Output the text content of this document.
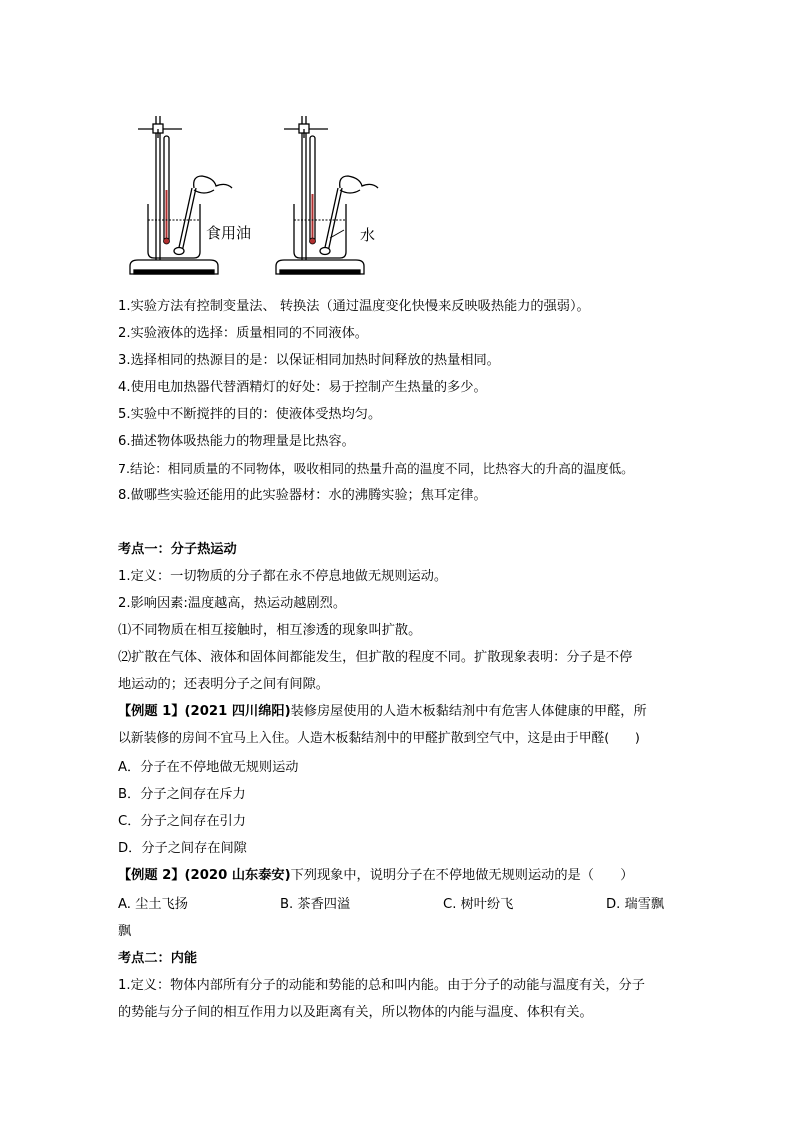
食用油	水
1.实验方法有控制变量法、 转换法（通过温度变化快慢来反映吸热能力的强弱）。
2.实验液体的选择：质量相同的不同液体。
3.选择相同的热源目的是：以保证相同加热时间释放的热量相同。
4.使用电加热器代替酒精灯的好处：易于控制产生热量的多少。
5.实验中不断搅拌的目的：使液体受热均匀。
6.描述物体吸热能力的物理量是比热容。
7.结论：相同质量的不同物体，吸收相同的热量升高的温度不同，比热容大的升高的温度低。
8.做哪些实验还能用的此实验器材：水的沸腾实验；焦耳定律。
考点一：分子热运动
1.定义：一切物质的分子都在永不停息地做无规则运动。
2.影响因素:温度越高，热运动越剧烈。
⑴不同物质在相互接触时，相互渗透的现象叫扩散。
⑵扩散在气体、液体和固体间都能发生，但扩散的程度不同。扩散现象表明：分子是不停
地运动的；还表明分子之间有间隙。
【例题 1】(2021 四川绵阳)装修房屋使用的人造木板黏结剂中有危害人体健康的甲醛，所
以新装修的房间不宜马上入住。人造木板黏结剂中的甲醛扩散到空气中，这是由于甲醛(　　)
A．分子在不停地做无规则运动
B．分子之间存在斥力
C．分子之间存在引力
D．分子之间存在间隙
【例题 2】(2020 山东泰安)下列现象中，说明分子在不停地做无规则运动的是（　　）
A. 尘土飞扬	B. 茶香四溢	C. 树叶纷飞	D. 瑞雪飘
飘
考点二：内能
1.定义：物体内部所有分子的动能和势能的总和叫内能。由于分子的动能与温度有关，分子
的势能与分子间的相互作用力以及距离有关，所以物体的内能与温度、体积有关。
